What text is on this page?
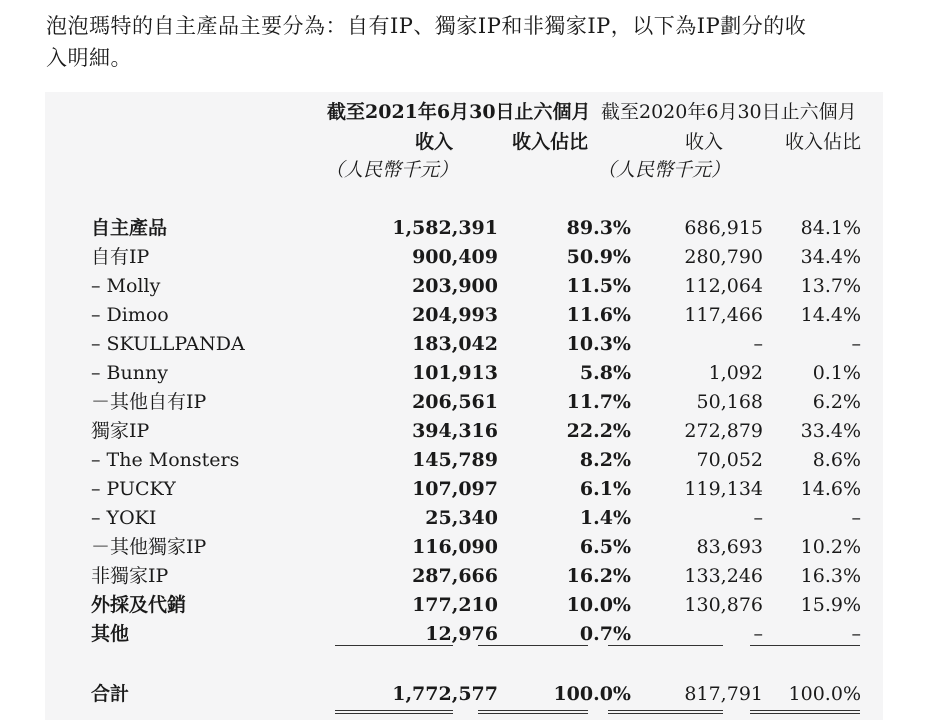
泡泡瑪特的自主產品主要分為：自有IP、獨家IP和非獨家IP，以下為IP劃分的收
入明細。
截至2021年6月30日止六個月 截至2020年6月30日止六個月
收入	收入佔比	收入	收入佔比
（人民幣千元）	（人民幣千元）
自主產品	1,582,391	89.3%	686,915 84.1%
自有IP	900,409	50.9%	280,790 34.4%
– Molly	203,900	11.5%	112,064 13.7%
– Dimoo	204,993	11.6%	117,466 14.4%
– SKULLPANDA	183,042	10.3%	–	–
– Bunny	101,913	5.8%	1,092	0.1%
－其他自有IP	206,561	11.7%	50,168	6.2%
獨家IP	394,316	22.2%	272,879 33.4%
– The Monsters	145,789	8.2%	70,052	8.6%
– PUCKY	107,097	6.1%	119,134 14.6%
– YOKI	25,340	1.4%	–	–
－其他獨家IP	116,090	6.5%	83,693 10.2%
非獨家IP	287,666	16.2%	133,246 16.3%
外採及代銷	177,210	10.0%	130,876 15.9%
其他	12,976	0.7%	–	–
合計	1,772,577	100.0%	817,791 100.0%
